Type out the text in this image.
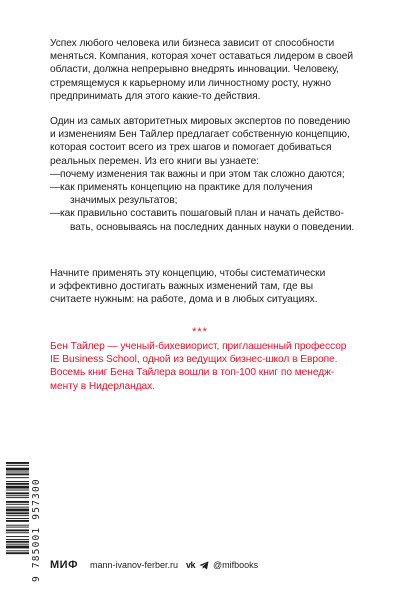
Успех любого человека или бизнеса зависит от способности

меняться. Компания, которая хочет оставаться лидером в своей

области, должна непрерывно внедрять инновации. Человеку,

стремящемуся к карьерному или личностному росту, нужно

предпринимать для этого какие-то действия.

Один из самых авторитетных мировых экспертов по поведению

и изменениям Бен Тайлер предлагает собственную концепцию,

которая состоит всего из трех шагов и помогает добиваться

реальных перемен. Из его книги вы узнаете:

— почему изменения так важны и при этом так сложно даются;
— как применять концепцию на практике для получения
значимых результатов;
— как правильно составить пошаговый план и начать действо-
вать, основываясь на последних данных науки о поведении.

Начните применять эту концепцию, чтобы систематически

и эффективно достигать важных изменений там, где вы

считаете нужным: на работе, дома и в любых ситуациях.

***

Бен Тайлер — ученый-бихевиорист, приглашенный профессор

IE Business School, одной из ведущих бизнес-школ в Европе.

Восемь книг Бена Тайлера вошли в топ-100 книг по менедж-

менту в Нидерландах.

9 785001 957300 МИФ mann-ivanov-ferber.ru vk @mifbooks
